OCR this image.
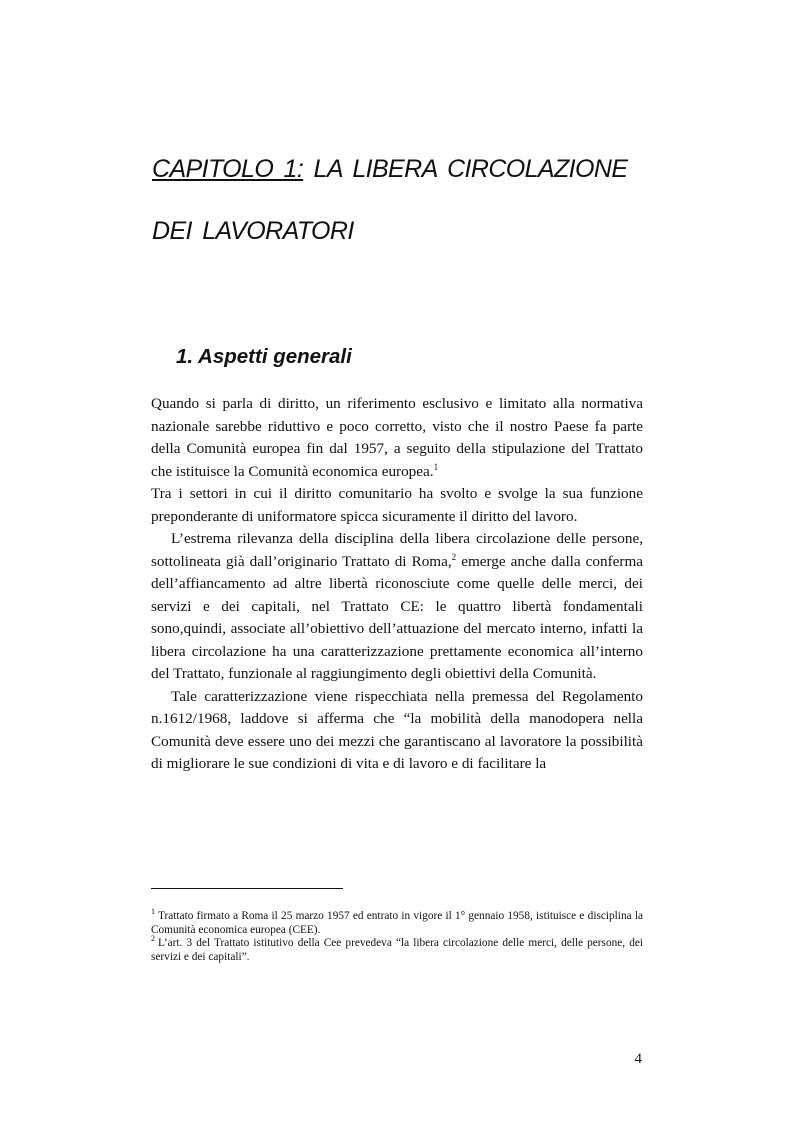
CAPITOLO 1: LA LIBERA CIRCOLAZIONE
DEI LAVORATORI
1. Aspetti generali

Quando si parla di diritto, un riferimento esclusivo e limitato alla normativa nazionale sarebbe riduttivo e poco corretto, visto che il nostro Paese fa parte della Comunità europea fin dal 1957, a seguito della stipulazione del Trattato che istituisce la Comunità economica europea.$^1$

Tra i settori in cui il diritto comunitario ha svolto e svolge la sua funzione preponderante di uniformatore spicca sicuramente il diritto del lavoro.

L’estrema rilevanza della disciplina della libera circolazione delle persone, sottolineata già dall’originario Trattato di Roma,$^2$ emerge anche dalla conferma dell’affiancamento ad altre libertà riconosciute come quelle delle merci, dei servizi e dei capitali, nel Trattato CE: le quattro libertà fondamentali sono,quindi, associate all’obiettivo dell’attuazione del mercato interno, infatti la libera circolazione ha una caratterizzazione prettamente economica all’interno del Trattato, funzionale al raggiungimento degli obiettivi della Comunità.

Tale caratterizzazione viene rispecchiata nella premessa del Regolamento n.1612/1968, laddove si afferma che “la mobilità della manodopera nella Comunità deve essere uno dei mezzi che garantiscano al lavoratore la possibilità di migliorare le sue condizioni di vita e di lavoro e di facilitare la

$^1$ Trattato firmato a Roma il 25 marzo 1957 ed entrato in vigore il 1° gennaio 1958, istituisce e disciplina la Comunità economica europea (CEE).

$^2$ L’art. 3 del Trattato istitutivo della Cee prevedeva “la libera circolazione delle merci, delle persone, dei servizi e dei capitali”.

4
